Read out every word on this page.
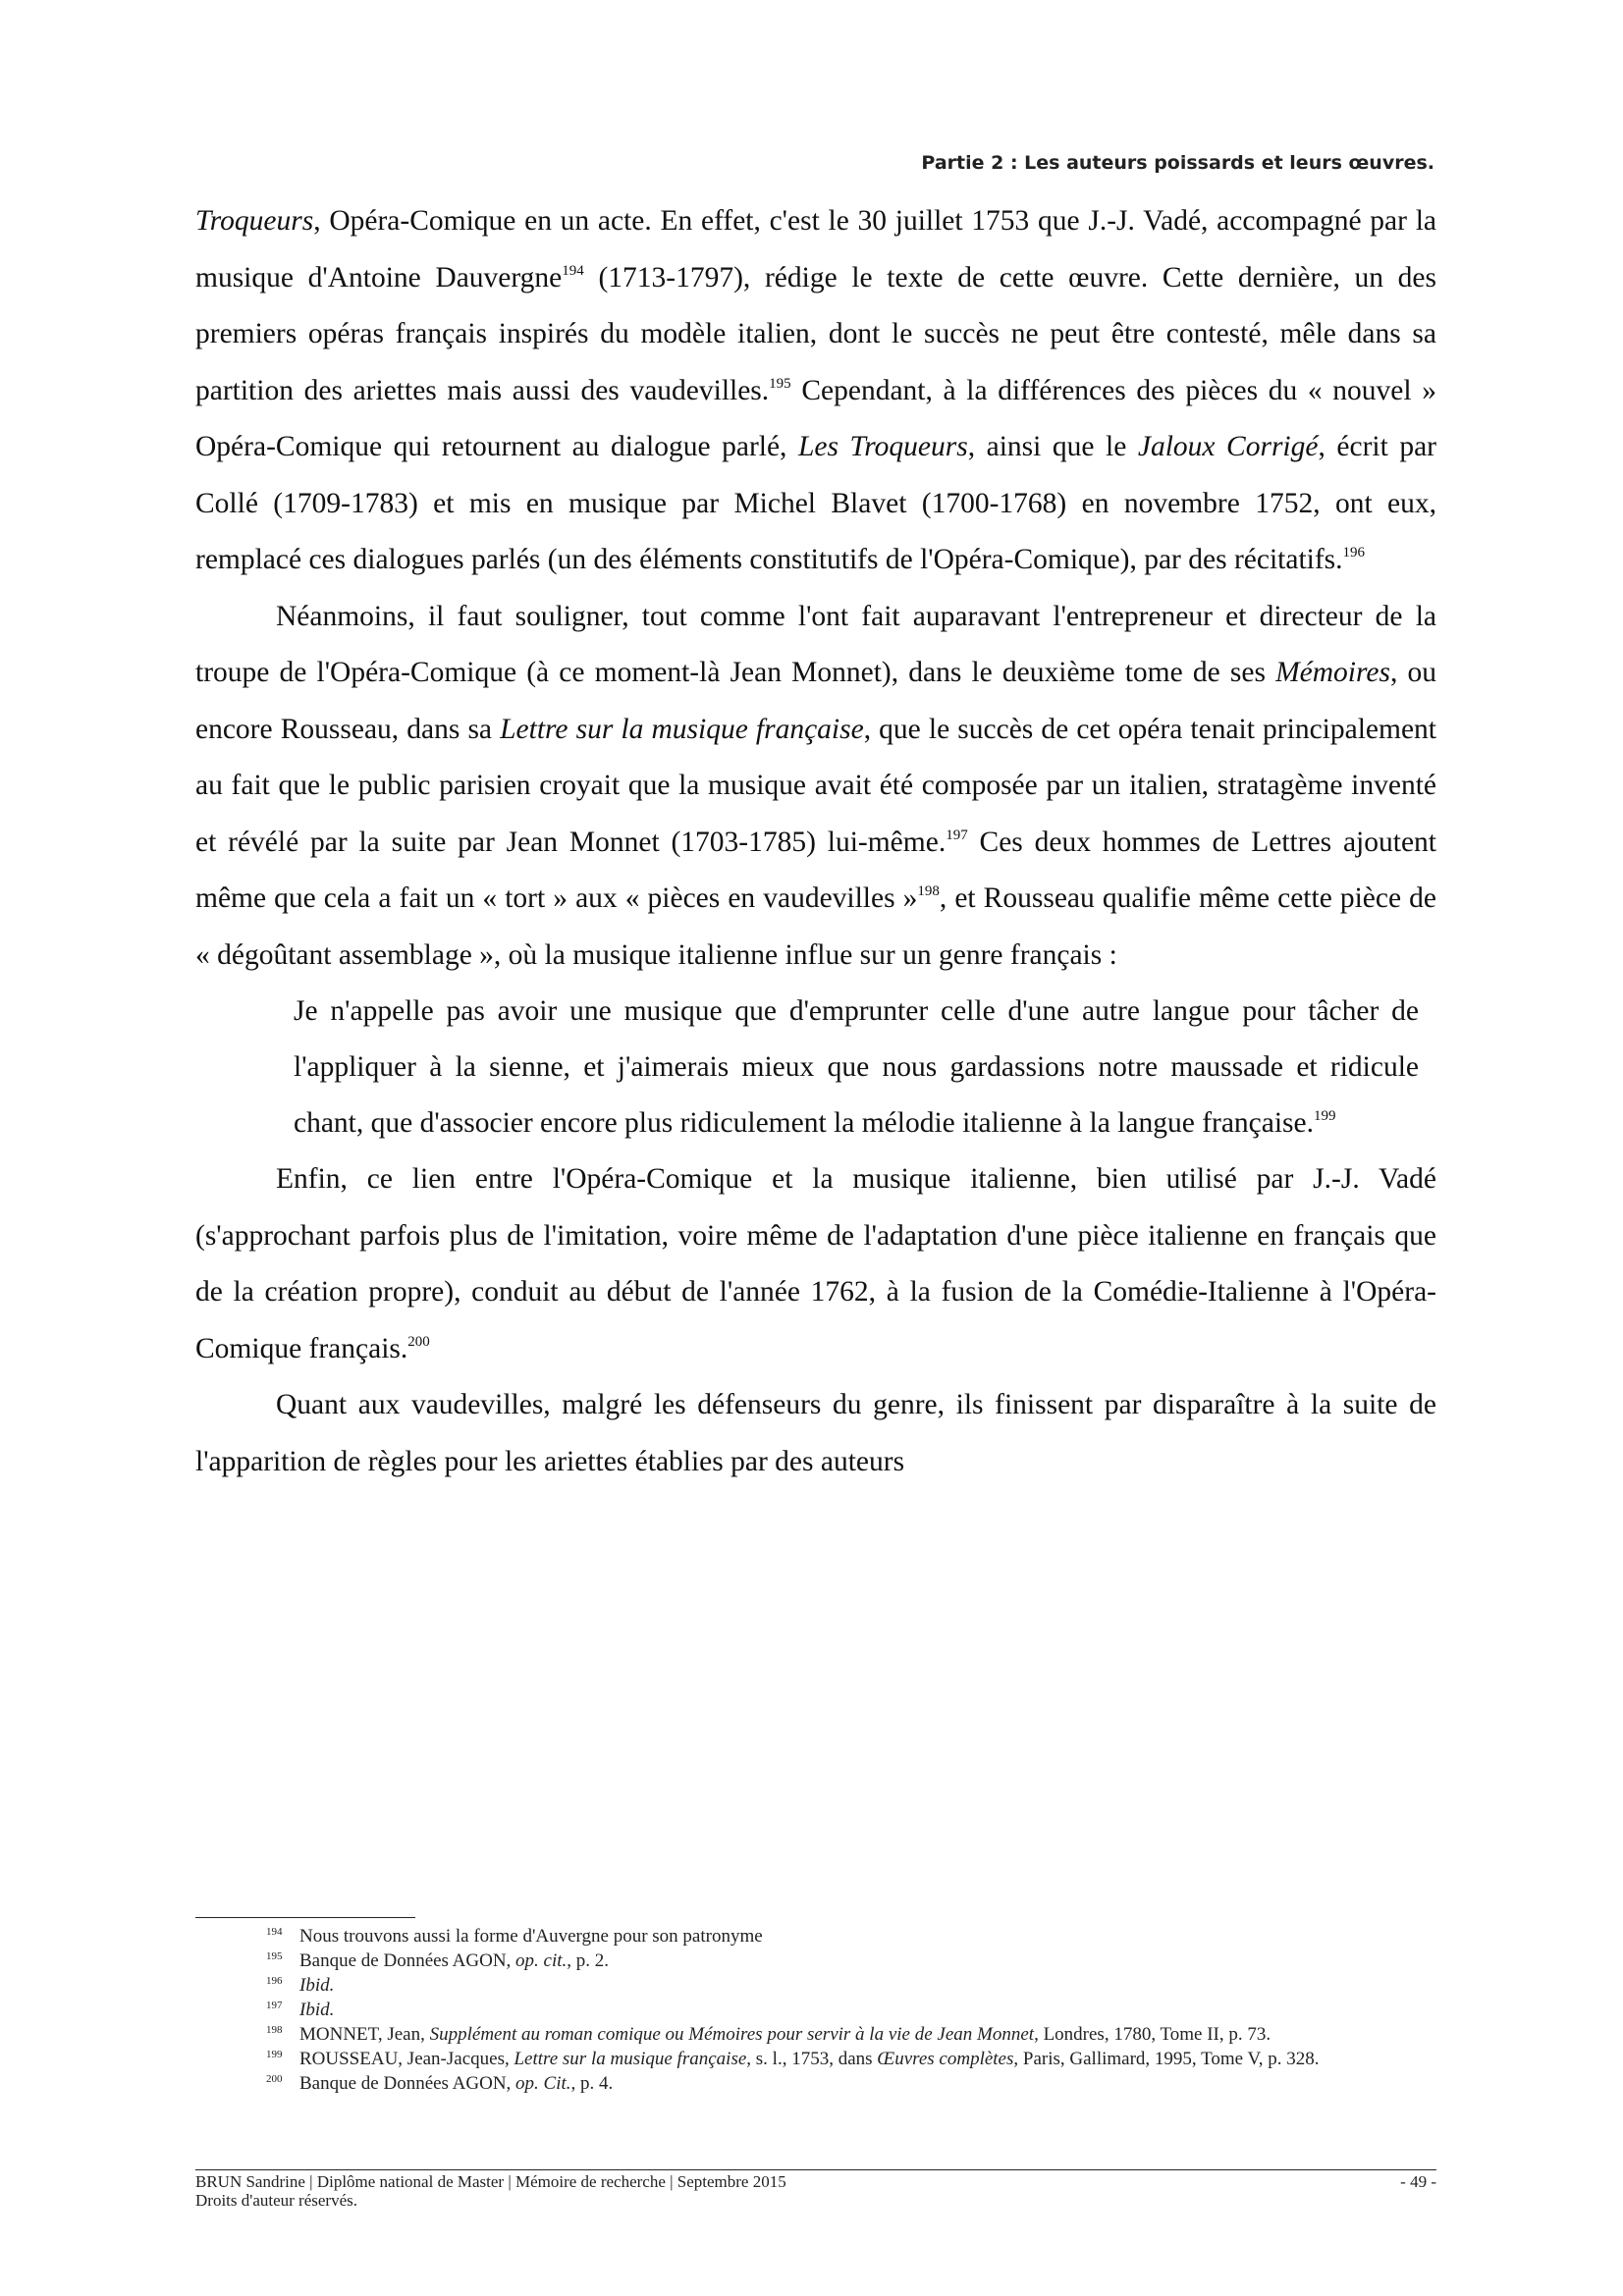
Partie 2 : Les auteurs poissards et leurs œuvres.

Troqueurs, Opéra-Comique en un acte. En effet, c'est le 30 juillet 1753 que J.-J. Vadé, accompagné par la musique d'Antoine Dauvergne$^{194}$ (1713-1797), rédige le texte de cette œuvre. Cette dernière, un des premiers opéras français inspirés du modèle italien, dont le succès ne peut être contesté, mêle dans sa partition des ariettes mais aussi des vaudevilles.$^{195}$ Cependant, à la différences des pièces du « nouvel » Opéra-Comique qui retournent au dialogue parlé, Les Troqueurs, ainsi que le Jaloux Corrigé, écrit par Collé (1709-1783) et mis en musique par Michel Blavet (1700-1768) en novembre 1752, ont eux, remplacé ces dialogues parlés (un des éléments constitutifs de l'Opéra-Comique), par des récitatifs.$^{196}$

Néanmoins, il faut souligner, tout comme l'ont fait auparavant l'entrepreneur et directeur de la troupe de l'Opéra-Comique (à ce moment-là Jean Monnet), dans le deuxième tome de ses Mémoires, ou encore Rousseau, dans sa Lettre sur la musique française, que le succès de cet opéra tenait principalement au fait que le public parisien croyait que la musique avait été composée par un italien, stratagème inventé et révélé par la suite par Jean Monnet (1703-1785) lui-même.$^{197}$ Ces deux hommes de Lettres ajoutent même que cela a fait un « tort » aux « pièces en vaudevilles »$^{198}$, et Rousseau qualifie même cette pièce de « dégoûtant assemblage », où la musique italienne influe sur un genre français :

Je n'appelle pas avoir une musique que d'emprunter celle d'une autre langue pour tâcher de l'appliquer à la sienne, et j'aimerais mieux que nous gardassions notre maussade et ridicule chant, que d'associer encore plus ridiculement la mélodie italienne à la langue française.$^{199}$

Enfin, ce lien entre l'Opéra-Comique et la musique italienne, bien utilisé par J.-J. Vadé (s'approchant parfois plus de l'imitation, voire même de l'adaptation d'une pièce italienne en français que de la création propre), conduit au début de l'année 1762, à la fusion de la Comédie-Italienne à l'Opéra-Comique français.$^{200}$

Quant aux vaudevilles, malgré les défenseurs du genre, ils finissent par disparaître à la suite de l'apparition de règles pour les ariettes établies par des auteurs

194 Nous trouvons aussi la forme d'Auvergne pour son patronyme

195 Banque de Données AGON, op. cit., p. 2.

196 Ibid.

197 Ibid.

198 MONNET, Jean, Supplément au roman comique ou Mémoires pour servir à la vie de Jean Monnet, Londres, 1780, Tome II, p. 73.

199 ROUSSEAU, Jean-Jacques, Lettre sur la musique française, s. l., 1753, dans Œuvres complètes, Paris, Gallimard, 1995, Tome V, p. 328.

200 Banque de Données AGON, op. Cit., p. 4.

BRUN Sandrine | Diplôme national de Master | Mémoire de recherche | Septembre 2015
Droits d'auteur réservés.
- 49 -
